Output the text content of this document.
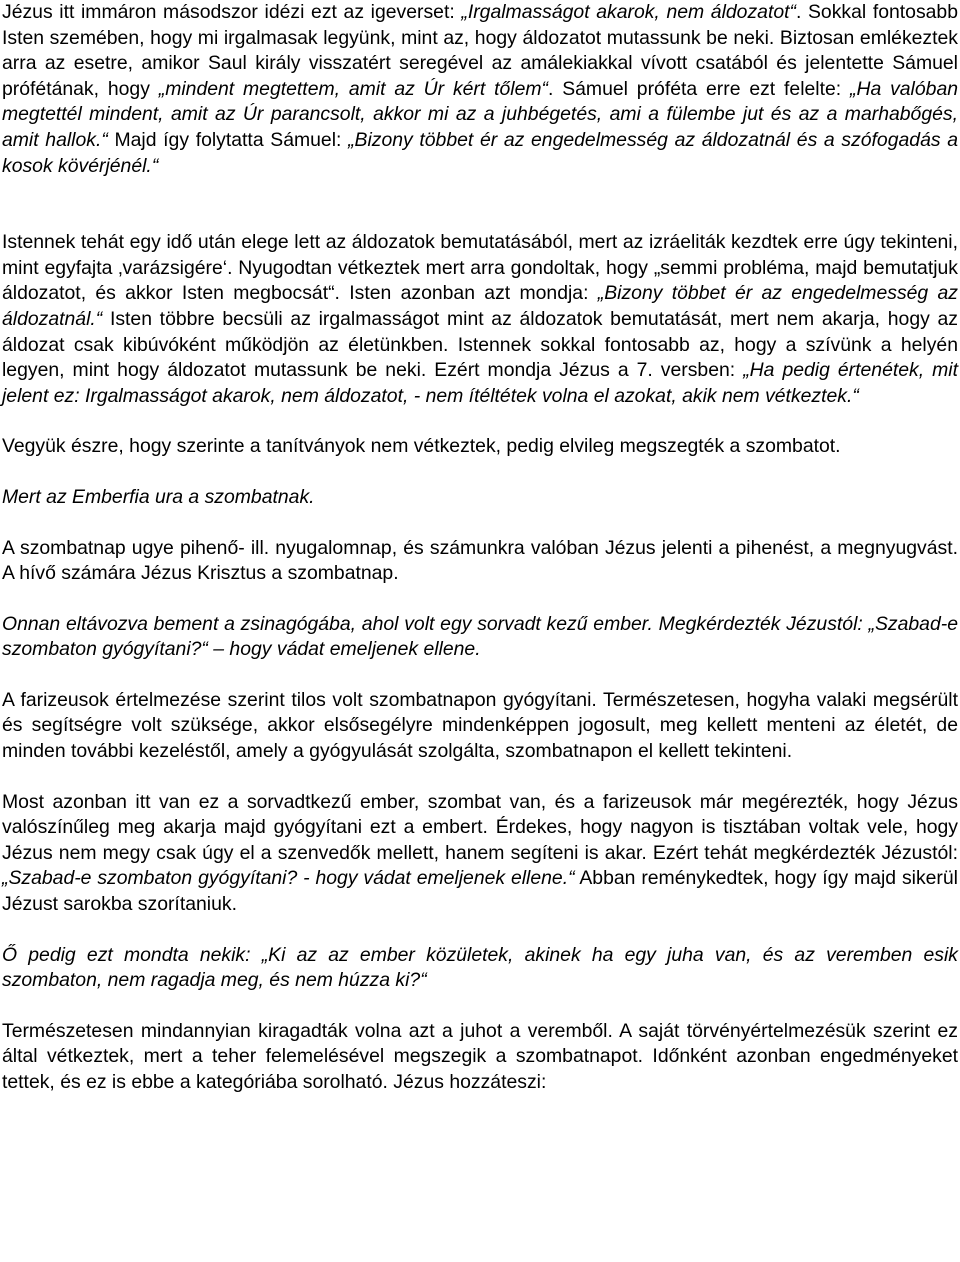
Jézus itt immáron másodszor idézi ezt az igeverset: „Irgalmasságot akarok, nem áldozatot“. Sokkal fontosabb Isten szemében, hogy mi irgalmasak legyünk, mint az, hogy áldozatot mutassunk be neki. Biztosan emlékeztek arra az esetre, amikor Saul király visszatért seregével az amálekiakkal vívott csatából és jelentette Sámuel prófétának, hogy „mindent megtettem, amit az Úr kért tőlem“. Sámuel próféta erre ezt felelte: „Ha valóban megtettél mindent, amit az Úr parancsolt, akkor mi az a juhbégetés, ami a fülembe jut és az a marhabőgés, amit hallok.“ Majd így folytatta Sámuel: „Bizony többet ér az engedelmesség az áldozatnál és a szófogadás a kosok kövérjénél.“

Istennek tehát egy idő után elege lett az áldozatok bemutatásából, mert az izráeliták kezdtek erre úgy tekinteni, mint egyfajta ‚varázsigére‘. Nyugodtan vétkeztek mert arra gondoltak, hogy „semmi probléma, majd bemutatjuk áldozatot, és akkor Isten megbocsát“. Isten azonban azt mondja: „Bizony többet ér az engedelmesség az áldozatnál.“ Isten többre becsüli az irgalmasságot mint az áldozatok bemutatását, mert nem akarja, hogy az áldozat csak kibúvóként működjön az életünkben. Istennek sokkal fontosabb az, hogy a szívünk a helyén legyen, mint hogy áldozatot mutassunk be neki. Ezért mondja Jézus a 7. versben: „Ha pedig értenétek, mit jelent ez: Irgalmasságot akarok, nem áldozatot, - nem ítéltétek volna el azokat, akik nem vétkeztek.“

Vegyük észre, hogy szerinte a tanítványok nem vétkeztek, pedig elvileg megszegték a szombatot.

Mert az Emberfia ura a szombatnak.

A szombatnap ugye pihenő- ill. nyugalomnap, és számunkra valóban Jézus jelenti a pihenést, a megnyugvást. A hívő számára Jézus Krisztus a szombatnap.

Onnan eltávozva bement a zsinagógába, ahol volt egy sorvadt kezű ember. Megkérdezték Jézustól: „Szabad-e szombaton gyógyítani?“ – hogy vádat emeljenek ellene.

A farizeusok értelmezése szerint tilos volt szombatnapon gyógyítani. Természetesen, hogyha valaki megsérült és segítségre volt szüksége, akkor elsősegélyre mindenképpen jogosult, meg kellett menteni az életét, de minden további kezeléstől, amely a gyógyulását szolgálta, szombatnapon el kellett tekinteni.

Most azonban itt van ez a sorvadtkezű ember, szombat van, és a farizeusok már megérezték, hogy Jézus valószínűleg meg akarja majd gyógyítani ezt a embert. Érdekes, hogy nagyon is tisztában voltak vele, hogy Jézus nem megy csak úgy el a szenvedők mellett, hanem segíteni is akar. Ezért tehát megkérdezték Jézustól: „Szabad-e szombaton gyógyítani? - hogy vádat emeljenek ellene.“ Abban reménykedtek, hogy így majd sikerül Jézust sarokba szorítaniuk.

Ő pedig ezt mondta nekik: „Ki az az ember közületek, akinek ha egy juha van, és az veremben esik szombaton, nem ragadja meg, és nem húzza ki?“

Természetesen mindannyian kiragadták volna azt a juhot a veremből. A saját törvényértelmezésük szerint ez által vétkeztek, mert a teher felemelésével megszegik a szombatnapot. Időnként azonban engedményeket tettek, és ez is ebbe a kategóriába sorolható. Jézus hozzáteszi:
